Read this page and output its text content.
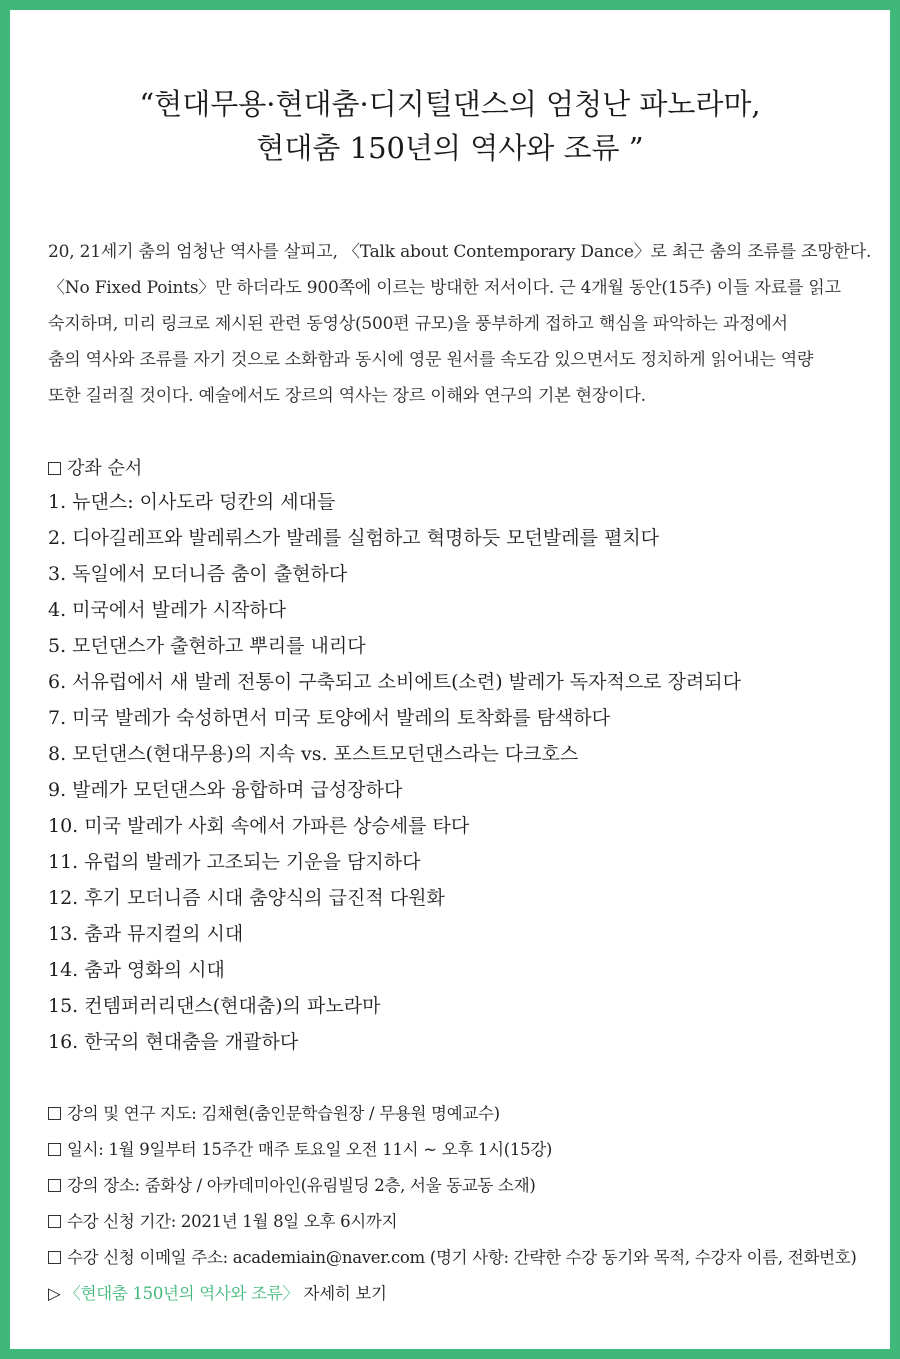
“현대무용·현대춤·디지털댄스의 엄청난 파노라마,
현대춤 150년의 역사와 조류 ”

20, 21세기 춤의 엄청난 역사를 살피고, 〈Talk about Contemporary Dance〉로 최근 춤의 조류를 조망한다.

〈No Fixed Points〉만 하더라도 900쪽에 이르는 방대한 저서이다. 근 4개월 동안(15주) 이들 자료를 읽고

숙지하며, 미리 링크로 제시된 관련 동영상(500편 규모)을 풍부하게 접하고 핵심을 파악하는 과정에서

춤의 역사와 조류를 자기 것으로 소화함과 동시에 영문 원서를 속도감 있으면서도 정치하게 읽어내는 역량

또한 길러질 것이다. 예술에서도 장르의 역사는 장르 이해와 연구의 기본 현장이다.

강좌 순서
1. 뉴댄스: 이사도라 덩칸의 세대들
2. 디아길레프와 발레뤼스가 발레를 실험하고 혁명하듯 모던발레를 펼치다
3. 독일에서 모더니즘 춤이 출현하다
4. 미국에서 발레가 시작하다
5. 모던댄스가 출현하고 뿌리를 내리다
6. 서유럽에서 새 발레 전통이 구축되고 소비에트(소련) 발레가 독자적으로 장려되다
7. 미국 발레가 숙성하면서 미국 토양에서 발레의 토착화를 탐색하다
8. 모던댄스(현대무용)의 지속 vs. 포스트모던댄스라는 다크호스
9. 발레가 모던댄스와 융합하며 급성장하다
10. 미국 발레가 사회 속에서 가파른 상승세를 타다
11. 유럽의 발레가 고조되는 기운을 담지하다
12. 후기 모더니즘 시대 춤양식의 급진적 다원화
13. 춤과 뮤지컬의 시대
14. 춤과 영화의 시대
15. 컨템퍼러리댄스(현대춤)의 파노라마
16. 한국의 현대춤을 개괄하다
강의 및 연구 지도: 김채현(춤인문학습원장 / 무용원 명예교수)
일시: 1월 9일부터 15주간 매주 토요일 오전 11시 ~ 오후 1시(15강)
강의 장소: 줌화상 / 아카데미아인(유림빌딩 2층, 서울 동교동 소재)
수강 신청 기간: 2021년 1월 8일 오후 6시까지
수강 신청 이메일 주소: academiain@naver.com (명기 사항: 간략한 수강 동기와 목적, 수강자 이름, 전화번호)
▷ 〈현대춤 150년의 역사와 조류〉 자세히 보기
